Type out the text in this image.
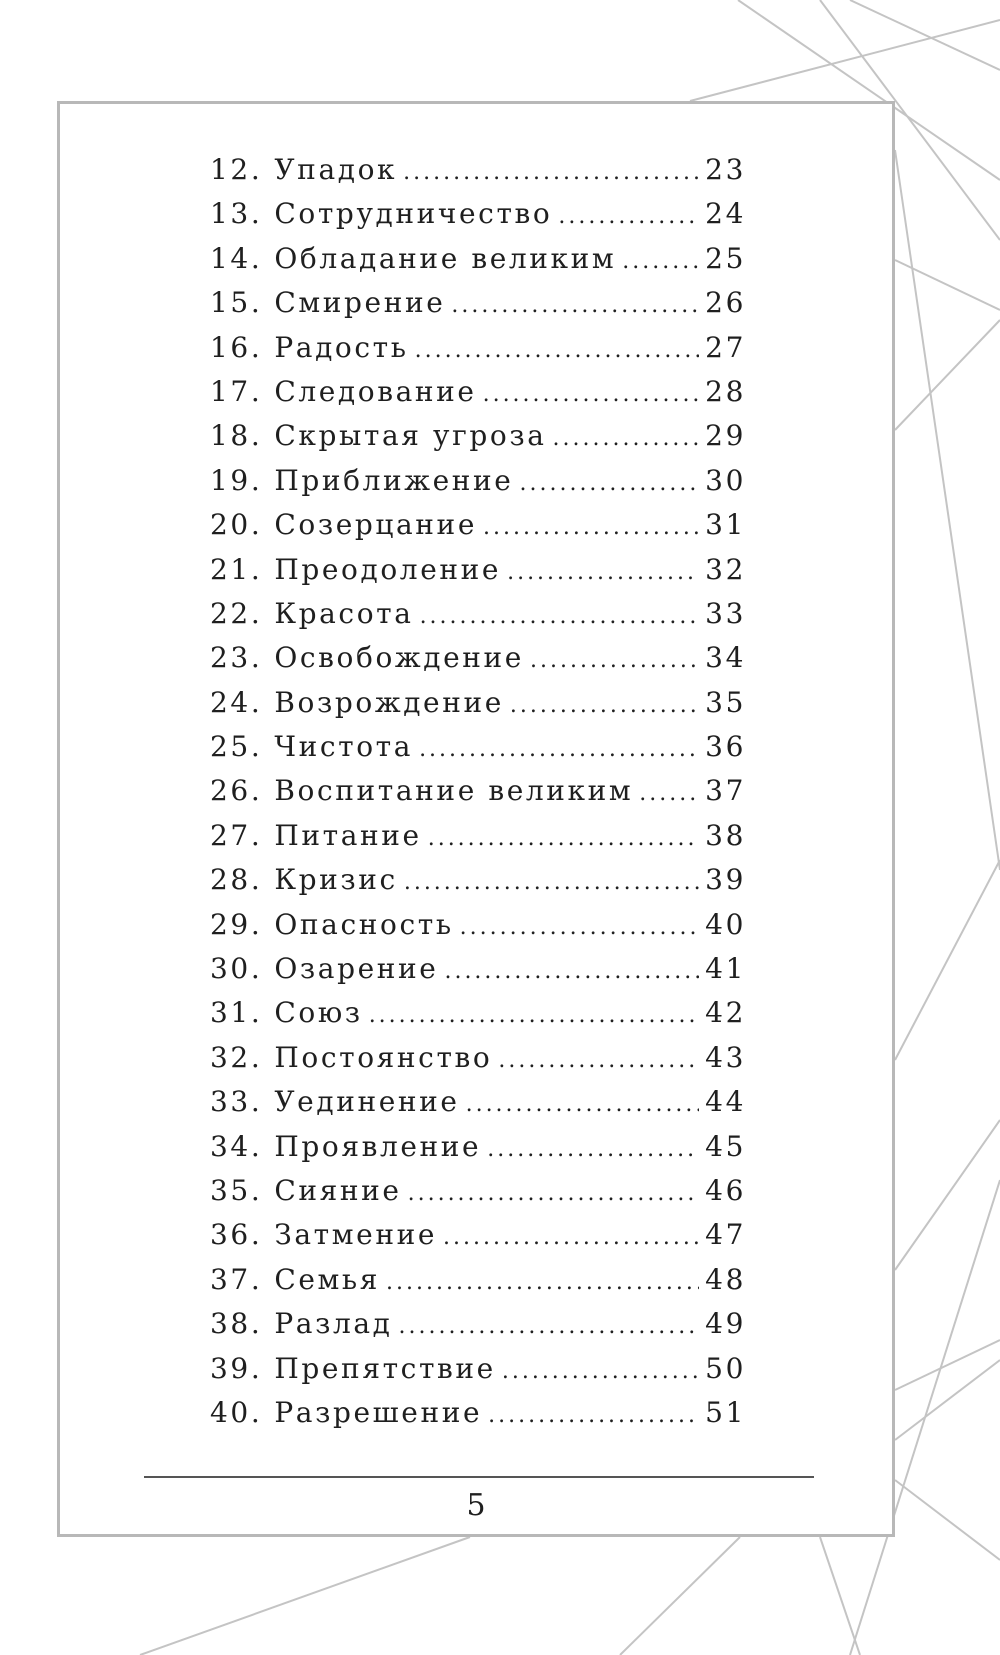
12. Упадок .....	23
13. Сотрудничество .....	24
14. Обладание великим .....	25
15. Смирение .....	26
16. Радость .....	27
17. Следование .....	28
18. Скрытая угроза .....	29
19. Приближение .....	30
20. Созерцание .....	31
21. Преодоление .....	32
22. Красота .....	33
23. Освобождение .....	34
24. Возрождение .....	35
25. Чистота .....	36
26. Воспитание великим .....	37
27. Питание .....	38
28. Кризис .....	39
29. Опасность .....	40
30. Озарение .....	41
31. Союз .....	42
32. Постоянство .....	43
33. Уединение .....	44
34. Проявление .....	45
35. Сияние .....	46
36. Затмение .....	47
37. Семья .....	48
38. Разлад .....	49
39. Препятствие .....	50
40. Разрешение .....	51
5
